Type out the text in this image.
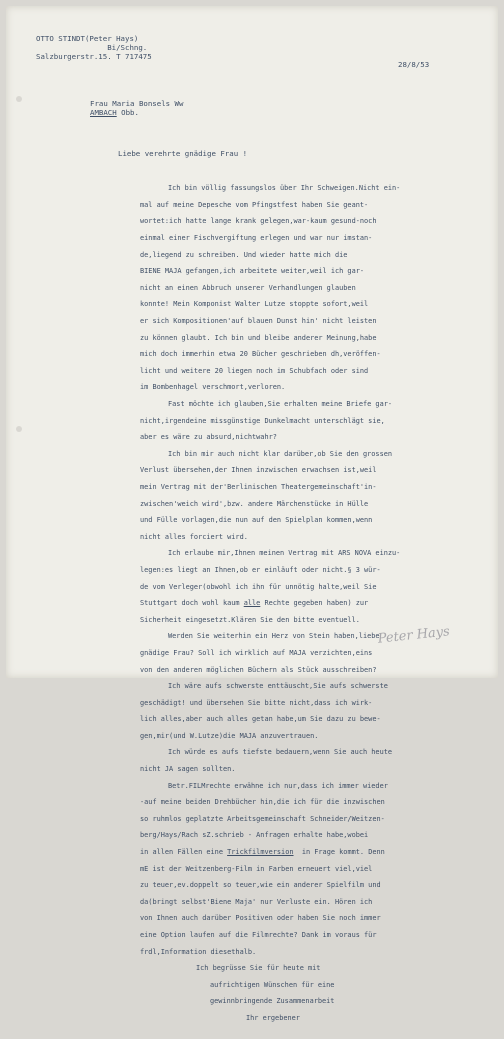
OTTO STINDT(Peter Hays)
Bi/Schng.
Salzburgerstr.15. T 717475
28/8/53
Frau Maria Bonsels Ww
AMBACH Obb.
Liebe verehrte gnädige Frau !

Ich bin völlig fassungslos über Ihr Schweigen.Nicht ein-

mal auf meine Depesche vom Pfingstfest haben Sie geant-

wortet:ich hatte lange krank gelegen,war-kaum gesund-noch

einmal einer Fischvergiftung erlegen und war nur imstan-

de,liegend zu schreiben. Und wieder hatte mich die

BIENE MAJA gefangen,ich arbeitete weiter,weil ich gar-

nicht an einen Abbruch unserer Verhandlungen glauben

konnte! Mein Komponist Walter Lutze stoppte sofort,weil

er sich Kompositionen'auf blauen Dunst hin' nicht leisten

zu können glaubt. Ich bin und bleibe anderer Meinung,habe

mich doch immerhin etwa 20 Bücher geschrieben dh,veröffen-

licht und weitere 20 liegen noch im Schubfach oder sind

im Bombenhagel verschmort,verloren.

Fast möchte ich glauben,Sie erhalten meine Briefe gar-

nicht,irgendeine missgünstige Dunkelmacht unterschlägt sie,

aber es wäre zu absurd,nichtwahr?

Ich bin mir auch nicht klar darüber,ob Sie den grossen

Verlust übersehen,der Ihnen inzwischen erwachsen ist,weil

mein Vertrag mit der'Berlinischen Theatergemeinschaft'in-

zwischen'weich wird',bzw. andere Märchenstücke in Hülle

und Fülle vorlagen,die nun auf den Spielplan kommen,wenn

nicht alles forciert wird.

Ich erlaube mir,Ihnen meinen Vertrag mit ARS NOVA einzu-

legen:es liegt an Ihnen,ob er einläuft oder nicht.§ 3 wür-

de vom Verleger(obwohl ich ihn für unnötig halte,weil Sie

Stuttgart doch wohl kaum alle Rechte gegeben haben) zur

Sicherheit eingesetzt.Klären Sie den bitte eventuell.

Werden Sie weiterhin ein Herz von Stein haben,liebe

gnädige Frau? Soll ich wirklich auf MAJA verzichten,eins

von den anderen möglichen Büchern als Stück ausschreiben?

Ich wäre aufs schwerste enttäuscht,Sie aufs schwerste

geschädigt! und übersehen Sie bitte nicht,dass ich wirk-

lich alles,aber auch alles getan habe,um Sie dazu zu bewe-

gen,mir(und W.Lutze)die MAJA anzuvertrauen.

Ich würde es aufs tiefste bedauern,wenn Sie auch heute

nicht JA sagen sollten.

Betr.FILMrechte erwähne ich nur,dass ich immer wieder

-auf meine beiden Drehbücher hin,die ich für die inzwischen

so ruhmlos geplatzte Arbeitsgemeinschaft Schneider/Weitzen-

berg/Hays/Rach sZ.schrieb - Anfragen erhalte habe,wobei

in allen Fällen eine Trickfilmversion  in Frage kommt. Denn

mE ist der Weitzenberg-Film in Farben erneuert viel,viel

zu teuer,ev.doppelt so teuer,wie ein anderer Spielfilm und

da(bringt selbst'Biene Maja' nur Verluste ein. Hören ich

von Ihnen auch darüber Positiven oder haben Sie noch immer

eine Option laufen auf die Filmrechte? Dank im voraus für

frdl,Information diesethalb.

Ich begrüsse Sie für heute mit

aufrichtigen Wünschen für eine

gewinnbringende Zusammenarbeit

Ihr ergebener

Peter Hays
